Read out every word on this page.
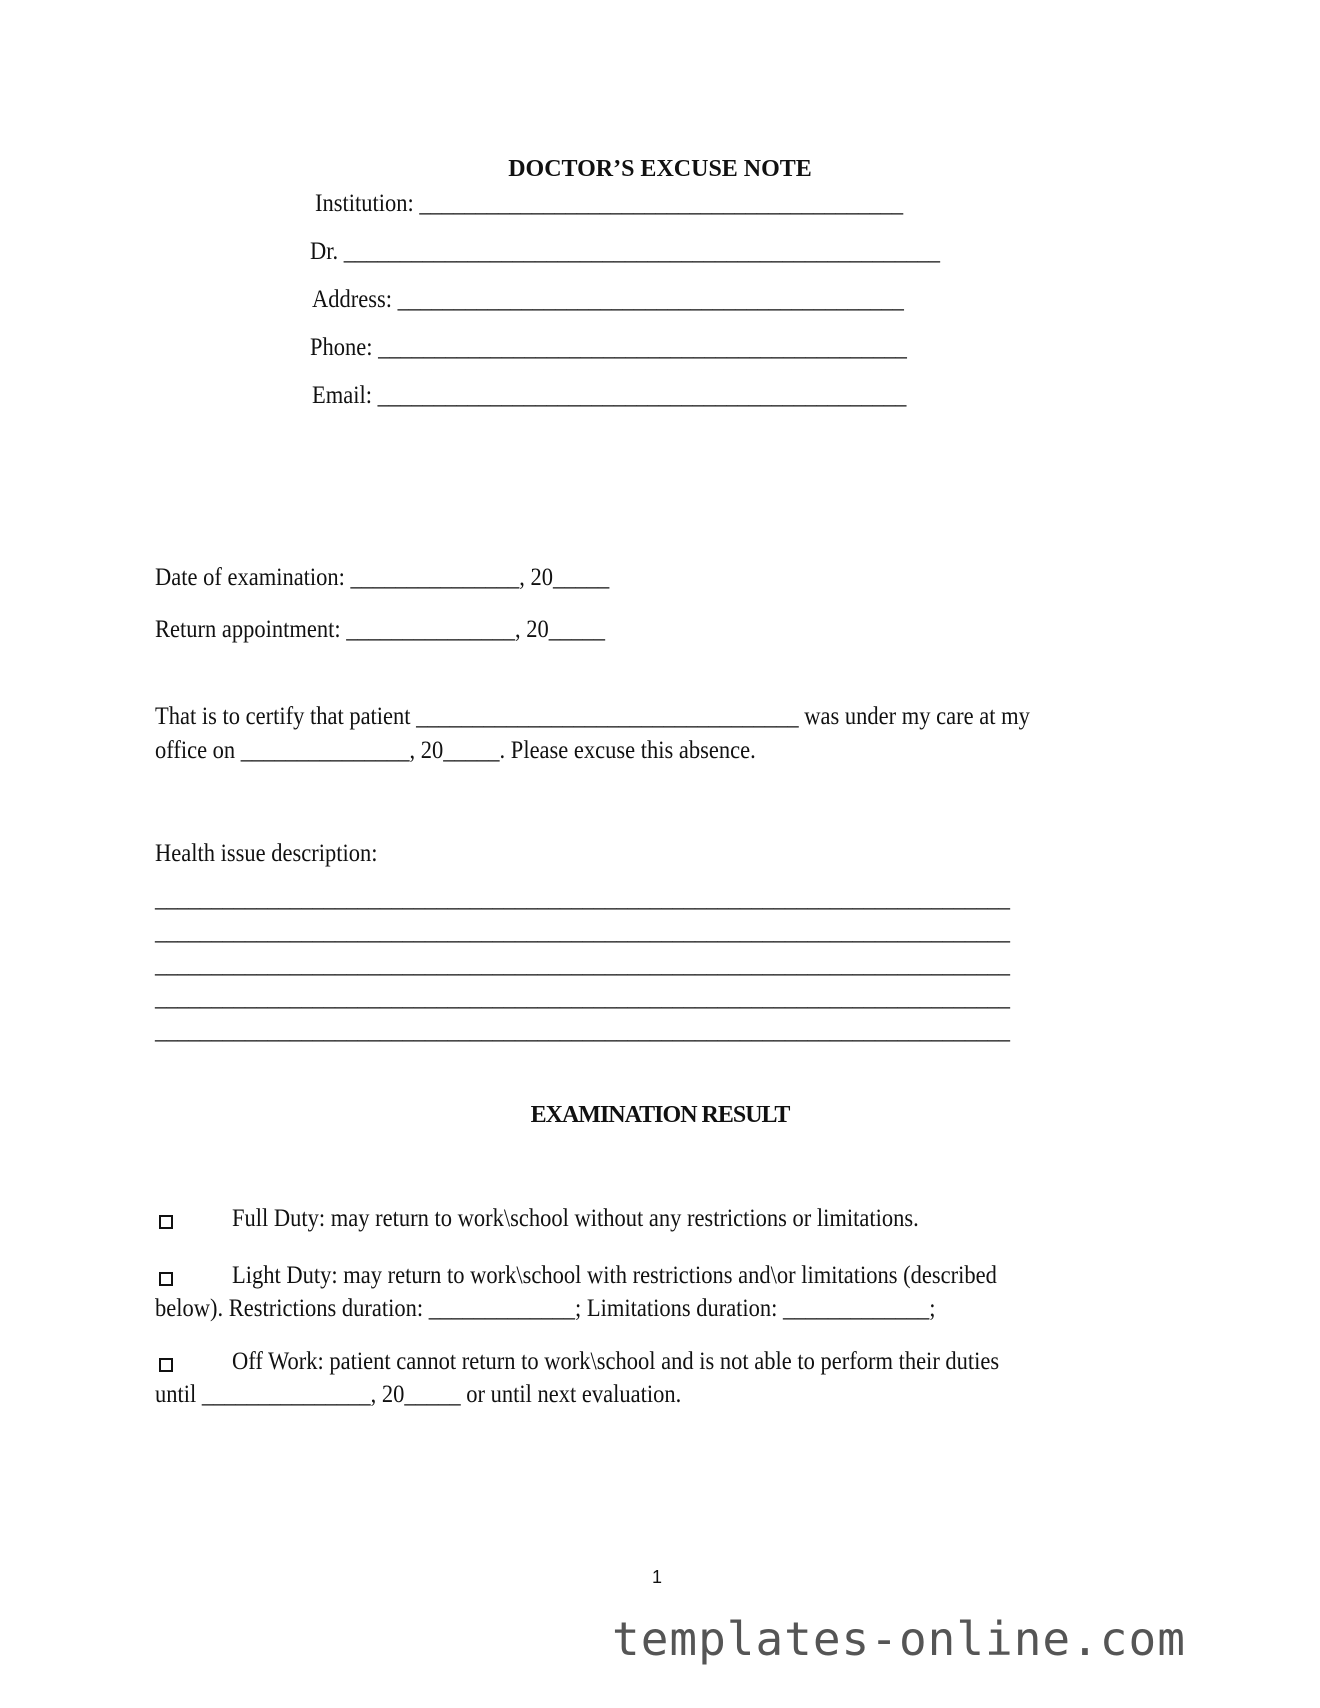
DOCTOR’S EXCUSE NOTE
Institution: ___________________________________________
Dr. _____________________________________________________
Address: _____________________________________________
Phone: _______________________________________________
Email: _______________________________________________
Date of examination: _______________, 20_____
Return appointment: _______________, 20_____
That is to certify that patient __________________________________ was under my care at my
office on _______________, 20_____. Please excuse this absence.
Health issue description:
____________________________________________________________________________
____________________________________________________________________________
____________________________________________________________________________
____________________________________________________________________________
____________________________________________________________________________
EXAMINATION RESULT
Full Duty: may return to work\school without any restrictions or limitations.
Light Duty: may return to work\school with restrictions and\or limitations (described
below). Restrictions duration: _____________; Limitations duration: _____________;
Off Work: patient cannot return to work\school and is not able to perform their duties
until _______________, 20_____ or until next evaluation.
1
templates-online.com
